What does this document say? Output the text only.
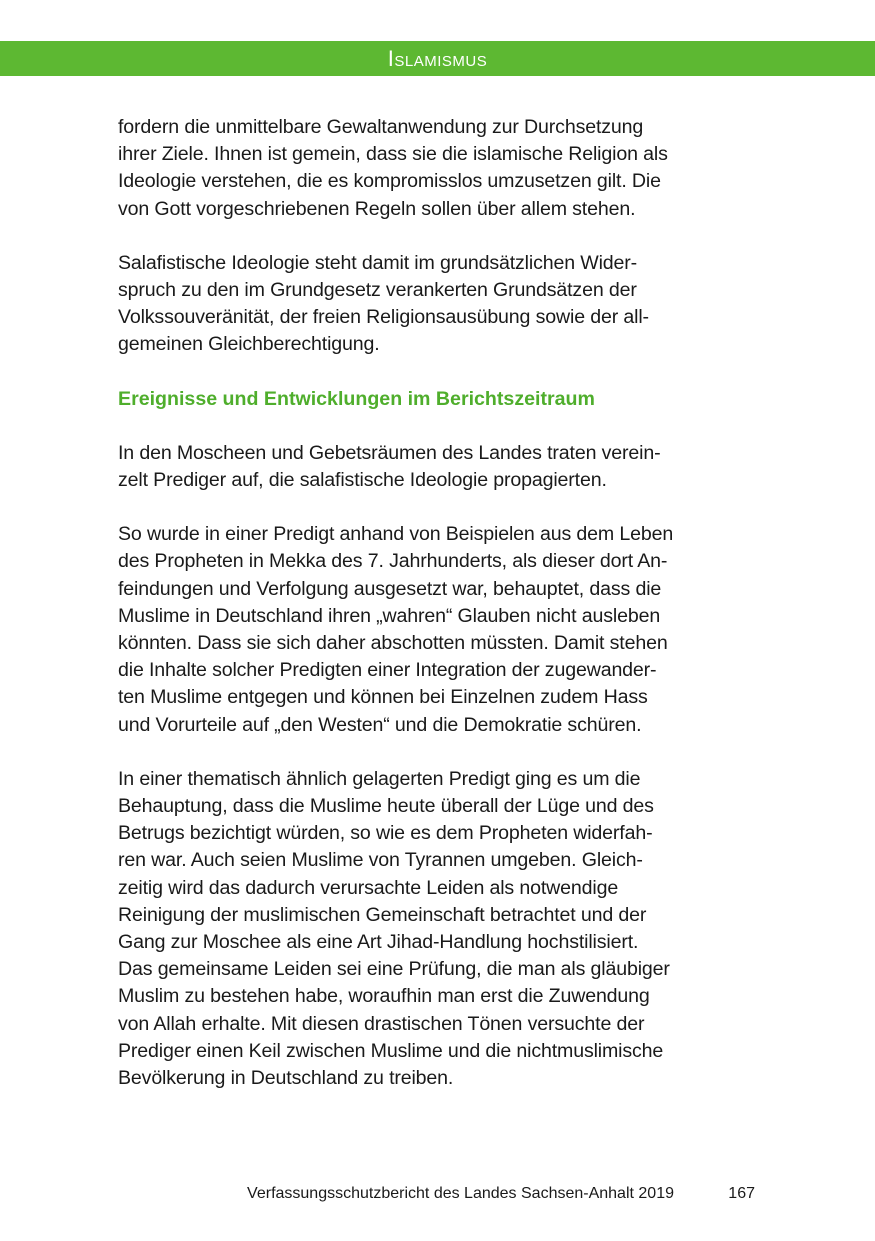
Islamismus

fordern die unmittelbare Gewaltanwendung zur Durchsetzung
ihrer Ziele. Ihnen ist gemein, dass sie die islamische Religion als
Ideologie verstehen, die es kompromisslos umzusetzen gilt. Die
von Gott vorgeschriebenen Regeln sollen über allem stehen.

Salafistische Ideologie steht damit im grundsätzlichen Wider-
spruch zu den im Grundgesetz verankerten Grundsätzen der
Volkssouveränität, der freien Religionsausübung sowie der all-
gemeinen Gleichberechtigung.

Ereignisse und Entwicklungen im Berichtszeitraum

In den Moscheen und Gebetsräumen des Landes traten verein-
zelt Prediger auf, die salafistische Ideologie propagierten.

So wurde in einer Predigt anhand von Beispielen aus dem Leben
des Propheten in Mekka des 7. Jahrhunderts, als dieser dort An-
feindungen und Verfolgung ausgesetzt war, behauptet, dass die
Muslime in Deutschland ihren „wahren“ Glauben nicht ausleben
könnten. Dass sie sich daher abschotten müssten. Damit stehen
die Inhalte solcher Predigten einer Integration der zugewander-
ten Muslime entgegen und können bei Einzelnen zudem Hass
und Vorurteile auf „den Westen“ und die Demokratie schüren.

In einer thematisch ähnlich gelagerten Predigt ging es um die
Behauptung, dass die Muslime heute überall der Lüge und des
Betrugs bezichtigt würden, so wie es dem Propheten widerfah-
ren war. Auch seien Muslime von Tyrannen umgeben. Gleich-
zeitig wird das dadurch verursachte Leiden als notwendige
Reinigung der muslimischen Gemeinschaft betrachtet und der
Gang zur Moschee als eine Art Jihad-Handlung hochstilisiert.
Das gemeinsame Leiden sei eine Prüfung, die man als gläubiger
Muslim zu bestehen habe, woraufhin man erst die Zuwendung
von Allah erhalte. Mit diesen drastischen Tönen versuchte der
Prediger einen Keil zwischen Muslime und die nichtmuslimische
Bevölkerung in Deutschland zu treiben.

Verfassungsschutzbericht des Landes Sachsen-Anhalt 2019	167
